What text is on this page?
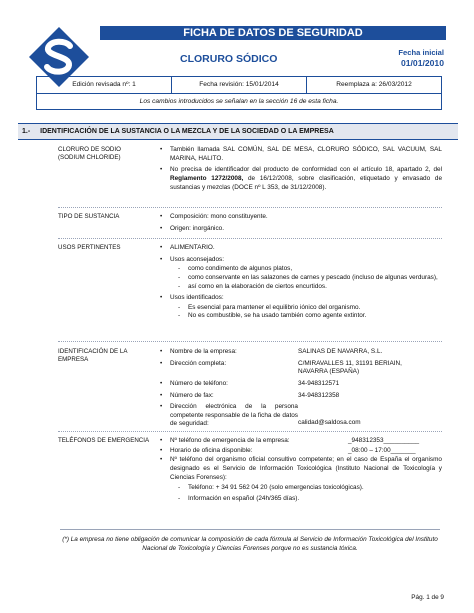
FICHA DE DATOS DE SEGURIDAD
CLORURO SÓDICO
Fecha inicial
01/01/2010
Edición revisada nº: 1	Fecha revisión: 15/01/2014	Reemplaza a: 26/03/2012
Los cambios introducidos se señalan en la sección 16 de esta ficha.
1.- IDENTIFICACIÓN DE LA SUSTANCIA O LA MEZCLA Y DE LA SOCIEDAD O LA EMPRESA
CLORURO DE SODIO
(SODIUM CHLORIDE)
• También llamada SAL COMÚN, SAL DE MESA, CLORURO SÓDICO, SAL VACUUM, SAL MARINA, HALITO.
• No precisa de identificador del producto de conformidad con el artículo 18, apartado 2, del Reglamento 1272/2008, de 16/12/2008, sobre clasificación, etiquetado y envasado de sustancias y mezclas (DOCE nº L 353, de 31/12/2008).
TIPO DE SUSTANCIA	• Composición: mono constituyente.
• Origen: inorgánico.
USOS PERTINENTES	• ALIMENTARIO.
• Usos aconsejados:
- como condimento de algunos platos,
- como conservante en las salazones de carnes y pescado (incluso de algunas verduras),
- así como en la elaboración de ciertos encurtidos.
• Usos identificados:
- Es esencial para mantener el equilibrio iónico del organismo.
- No es combustible, se ha usado también como agente extintor.
IDENTIFICACIÓN DE LA
EMPRESA
• Nombre de la empresa:	SALINAS DE NAVARRA, S.L.
• Dirección completa:	C/MIRAVALLES 11, 31191 BERIAIN,
NAVARRA (ESPAÑA)
• Número de teléfono:	34-948312571
• Número de fax:	34-948312358
• Dirección electrónica de la persona competente responsable de la ficha de datos de seguridad:	calidad@saldosa.com
TELÉFONOS DE EMERGENCIA	• Nº teléfono de emergencia de la empresa:	_948312353__________
• Horario de oficina disponible:	_08:00 – 17:00_______
• Nº teléfono del organismo oficial consultivo competente; en el caso de España el organismo designado es el Servicio de Información Toxicológica (Instituto Nacional de Toxicología y Ciencias Forenses):
- Teléfono: + 34 91 562 04 20 (solo emergencias toxicológicas).
- Información en español (24h/365 días).
(*) La empresa no tiene obligación de comunicar la composición de cada fórmula al Servicio de Información Toxicológica del Instituto Nacional de Toxicología y Ciencias Forenses porque no es sustancia tóxica.
Pág. 1 de 9
